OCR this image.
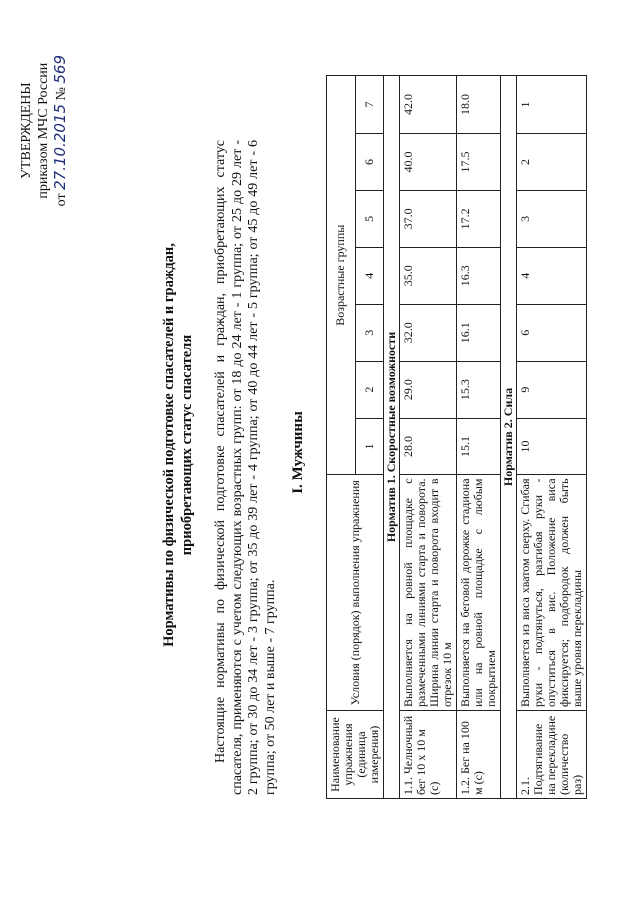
УТВЕРЖДЕНЫ приказом МЧС России
от 27.10.2015 № 569
Нормативы по физической подготовке спасателей и граждан, приобретающих статус спасателя Настоящие нормативы по физической подготовке спасателей и граждан, приобретающих статус спасателя, применяются с учетом следующих возрастных групп: от 18 до 24 лет - 1 группа; от 25 до 29 лет - 2 группа; от 30 до 34 лет - 3 группа; от 35 до 39 лет - 4 группа; от 40 до 44 лет - 5 группа; от 45 до 49 лет - 6 группа; от 50 лет и выше - 7 группа.
I. Мужчины
Наименование упражнения (единица измерения)	Условия (порядок) выполнения упражнения	Возрастные группы						
		1	2	3	4	5	6	7
Норматив 1. Скоростные возможности								
1.1. Челночный бег 10 х 10 м (с)	Выполняется на ровной площадке с размеченными линиями старта и поворота. Ширина линии старта и поворота входит в отрезок 10 м	28.0	29.0	32.0	35.0	37.0	40.0	42.0
1.2. Бег на 100 м (с)	Выполняется на беговой дорожке стадиона или на ровной площадке с любым покрытием	15.1	15.3	16.1	16.3	17.2	17.5	18.0
Норматив 2. Сила								
2.1. Подтягивание на перекладине (количество раз)	Выполняется из виса хватом сверху. Сгибая руки - подтянуться, разгибая руки - опуститься в вис. Положение виса фиксируется; подбородок должен быть выше уровня перекладины	10	9	6	4	3	2	1
